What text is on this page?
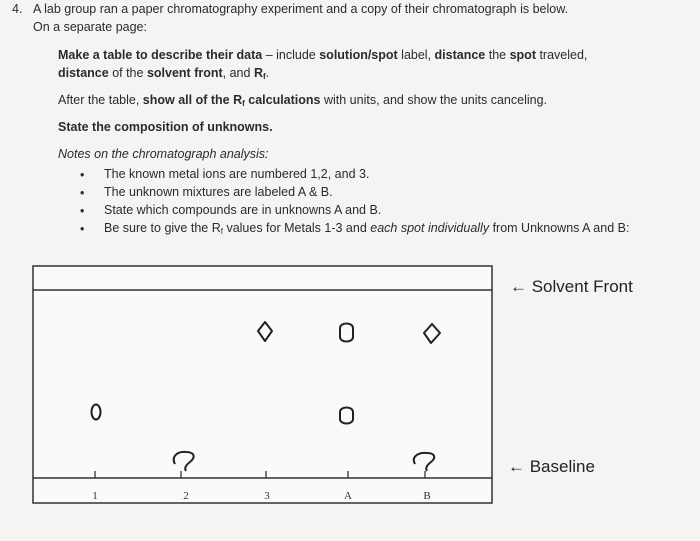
4. A lab group ran a paper chromatography experiment and a copy of their chromatograph is below.
On a separate page:
Make a table to describe their data – include solution/spot label, distance the spot traveled,
distance of the solvent front, and $R_f$.
After the table, show all of the $R_f$ calculations with units, and show the units canceling.
State the composition of unknowns.
Notes on the chromatograph analysis:
• The known metal ions are numbered 1,2, and 3.
• The unknown mixtures are labeled A & B.
• State which compounds are in unknowns A and B.
• Be sure to give the $R_f$ values for Metals 1-3 and each spot individually from Unknowns A and B:
1	2	3	A	B
← Solvent Front
← Baseline
